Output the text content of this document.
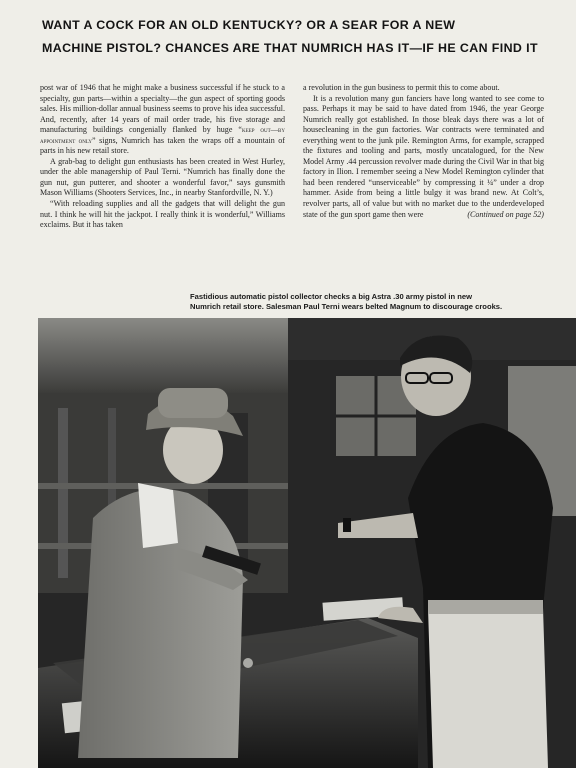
WANT A COCK FOR AN OLD KENTUCKY? OR A SEAR FOR A NEW
MACHINE PISTOL? CHANCES ARE THAT NUMRICH HAS IT—IF HE CAN FIND IT

post war of 1946 that he might make a business successful if he stuck to a specialty, gun parts—within a specialty—the gun aspect of sporting goods sales. His million-dollar annual business seems to prove his idea successful. And, recently, after 14 years of mail order trade, his five storage and manufacturing buildings congenially flanked by huge “keep out—by appointment only” signs, Numrich has taken the wraps off a mountain of parts in his new retail store.

A grab-bag to delight gun enthusiasts has been created in West Hurley, under the able managership of Paul Terni. “Numrich has finally done the gun nut, gun putterer, and shooter a wonderful favor,” says gunsmith Mason Williams (Shooters Services, Inc., in nearby Stanfordville, N. Y.)

“With reloading supplies and all the gadgets that will delight the gun nut. I think he will hit the jackpot. I really think it is wonderful,” Williams exclaims. But it has taken

a revolution in the gun business to permit this to come about.

It is a revolution many gun fanciers have long wanted to see come to pass. Perhaps it may be said to have dated from 1946, the year George Numrich really got established. In those bleak days there was a lot of housecleaning in the gun factories. War contracts were terminated and everything went to the junk pile. Remington Arms, for example, scrapped the fixtures and tooling and parts, mostly uncatalogued, for the New Model Army .44 percussion revolver made during the Civil War in that big factory in Ilion. I remember seeing a New Model Remington cylinder that had been rendered “unserviceable” by compressing it ¼” under a drop hammer. Aside from being a little bulgy it was brand new. At Colt’s, revolver parts, all of value but with no market due to the underdeveloped state of the gun sport game then were	(Continued on page 52)

Fastidious automatic pistol collector checks a big Astra .30 army pistol in new
Numrich retail store. Salesman Paul Terni wears belted Magnum to discourage crooks.
